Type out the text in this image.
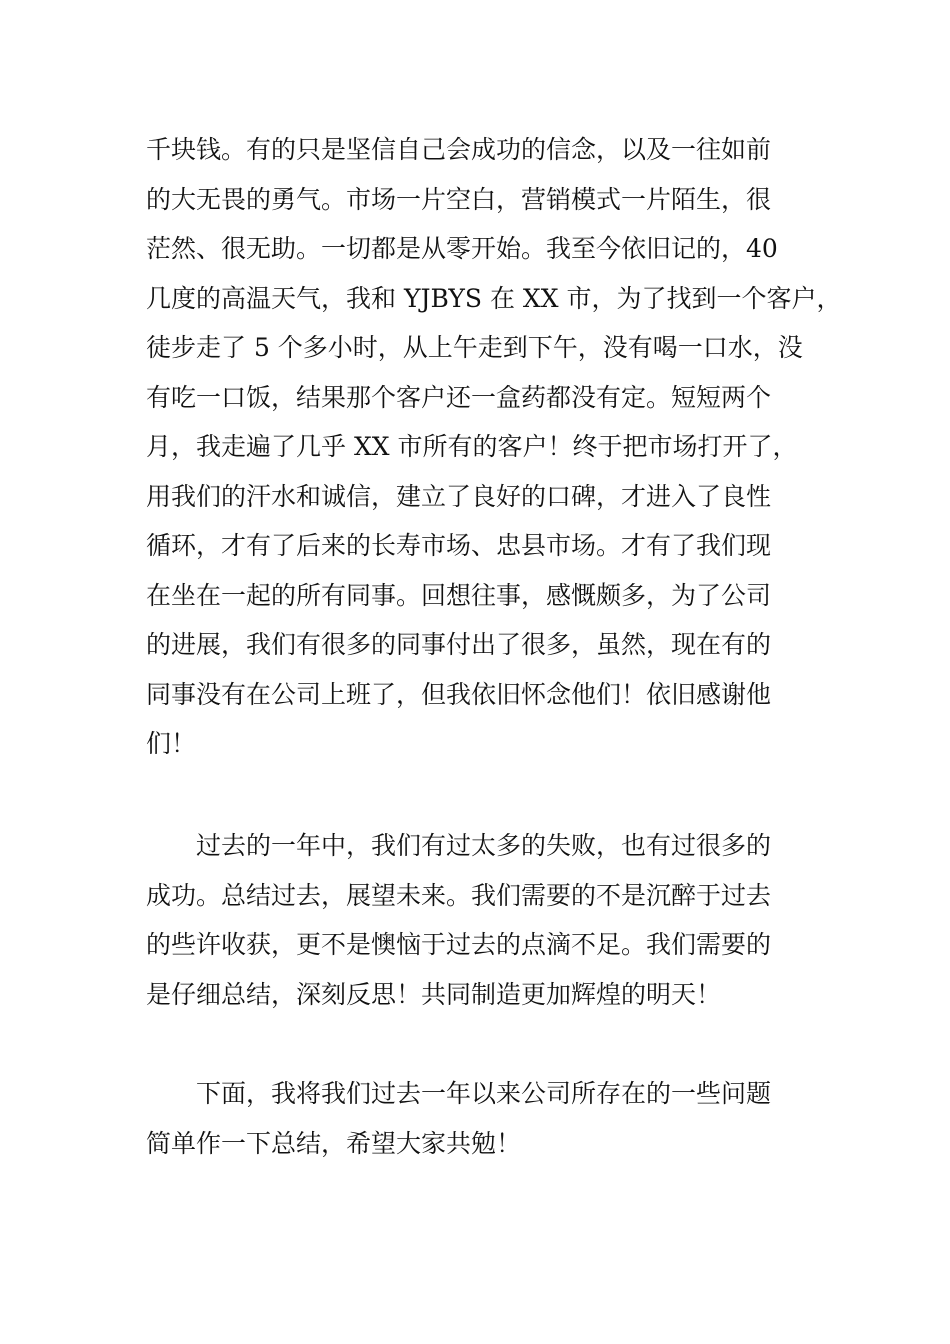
千块钱。有的只是坚信自己会成功的信念，以及一往如前
的大无畏的勇气。市场一片空白，营销模式一片陌生，很
茫然、很无助。一切都是从零开始。我至今依旧记的，40
几度的高温天气，我和 YJBYS 在 XX 市，为了找到一个客户，
徒步走了 5 个多小时，从上午走到下午，没有喝一口水，没
有吃一口饭，结果那个客户还一盒药都没有定。短短两个
月，我走遍了几乎 XX 市所有的客户！终于把市场打开了，
用我们的汗水和诚信，建立了良好的口碑，才进入了良性
循环，才有了后来的长寿市场、忠县市场。才有了我们现
在坐在一起的所有同事。回想往事，感慨颇多，为了公司
的进展，我们有很多的同事付出了很多，虽然，现在有的
同事没有在公司上班了，但我依旧怀念他们！依旧感谢他
们！
过去的一年中，我们有过太多的失败，也有过很多的
成功。总结过去，展望未来。我们需要的不是沉醉于过去
的些许收获，更不是懊恼于过去的点滴不足。我们需要的
是仔细总结，深刻反思！共同制造更加辉煌的明天！
下面，我将我们过去一年以来公司所存在的一些问题
简单作一下总结，希望大家共勉！
